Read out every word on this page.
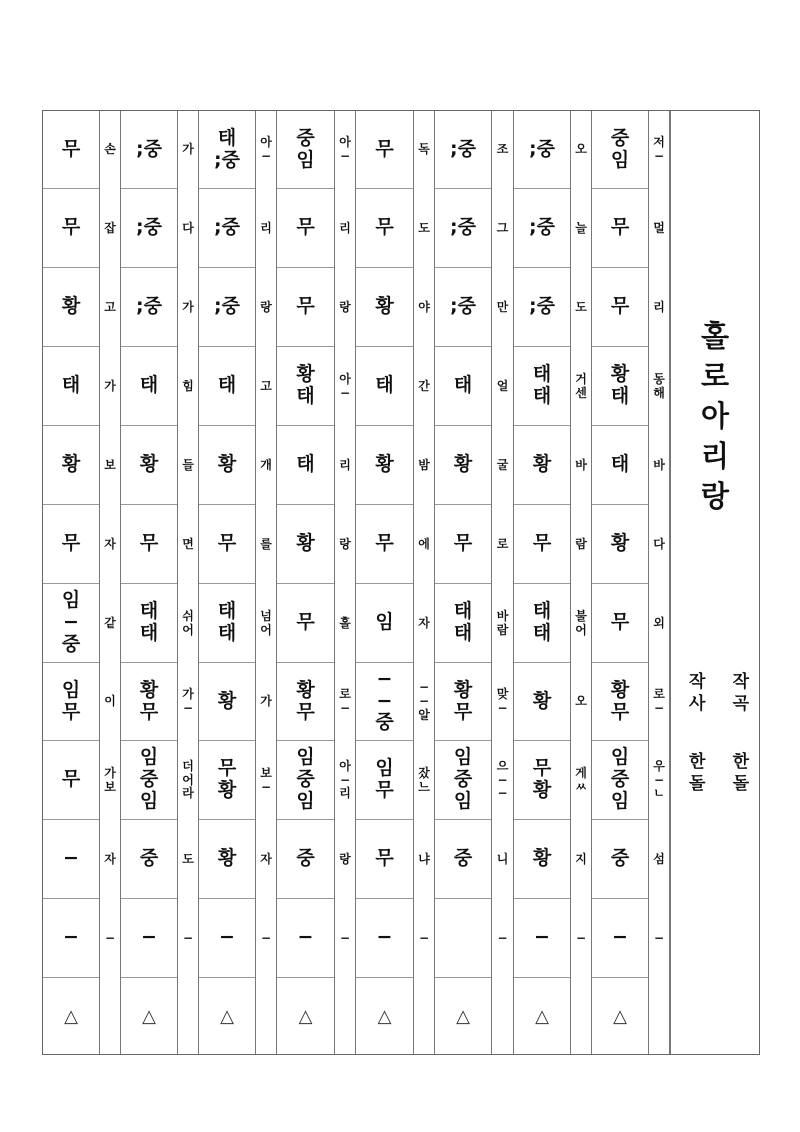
무
무
황
태
황
무
임
−
중
임
무
무
−
−
△
손
잡
고
가
보
자
같
이
가
보
자
−
;중
;중
;중
태
황
무
태
태
황
무
임
중
임
중
−
△
가
다
가
힘
들
면
쉬
어
가
−
더
어
라
도
−
태
;중
;중
;중
태
황
무
태
태
황
무
황
황
−
△
아
−
리
랑
고
개
를
넘
어
가
보
−
자
−
중
임
무
무
황
태
태
황
무
황
무
임
중
임
중
−
△
아
−
리
랑
아
−
리
랑
홀
로
−
아
−
리
랑
−
무
무
황
태
황
무
임
−
−
중
임
무
무
−
△
독
도
야
간
밤
에
자
−
−
알
잤
느
냐
−
;중
;중
;중
태
황
무
태
태
황
무
임
중
임
중
△
조
그
만
얼
굴
로
바
람
맞
−
으
−
−
니
−
;중
;중
;중
태
태
황
무
태
태
황
무
황
황
−
△
오
늘
도
거
센
바
람
불
어
오
게
ㅆ
지
−
중
임
무
무
황
태
태
황
무
황
무
임
중
임
중
−
△
저
−
멀
리
동
해
바
다
외
로
−
우
−
ㄴ
섬
−
홀
로
아
리
랑
작
사
한
돌
작
곡
한
돌
